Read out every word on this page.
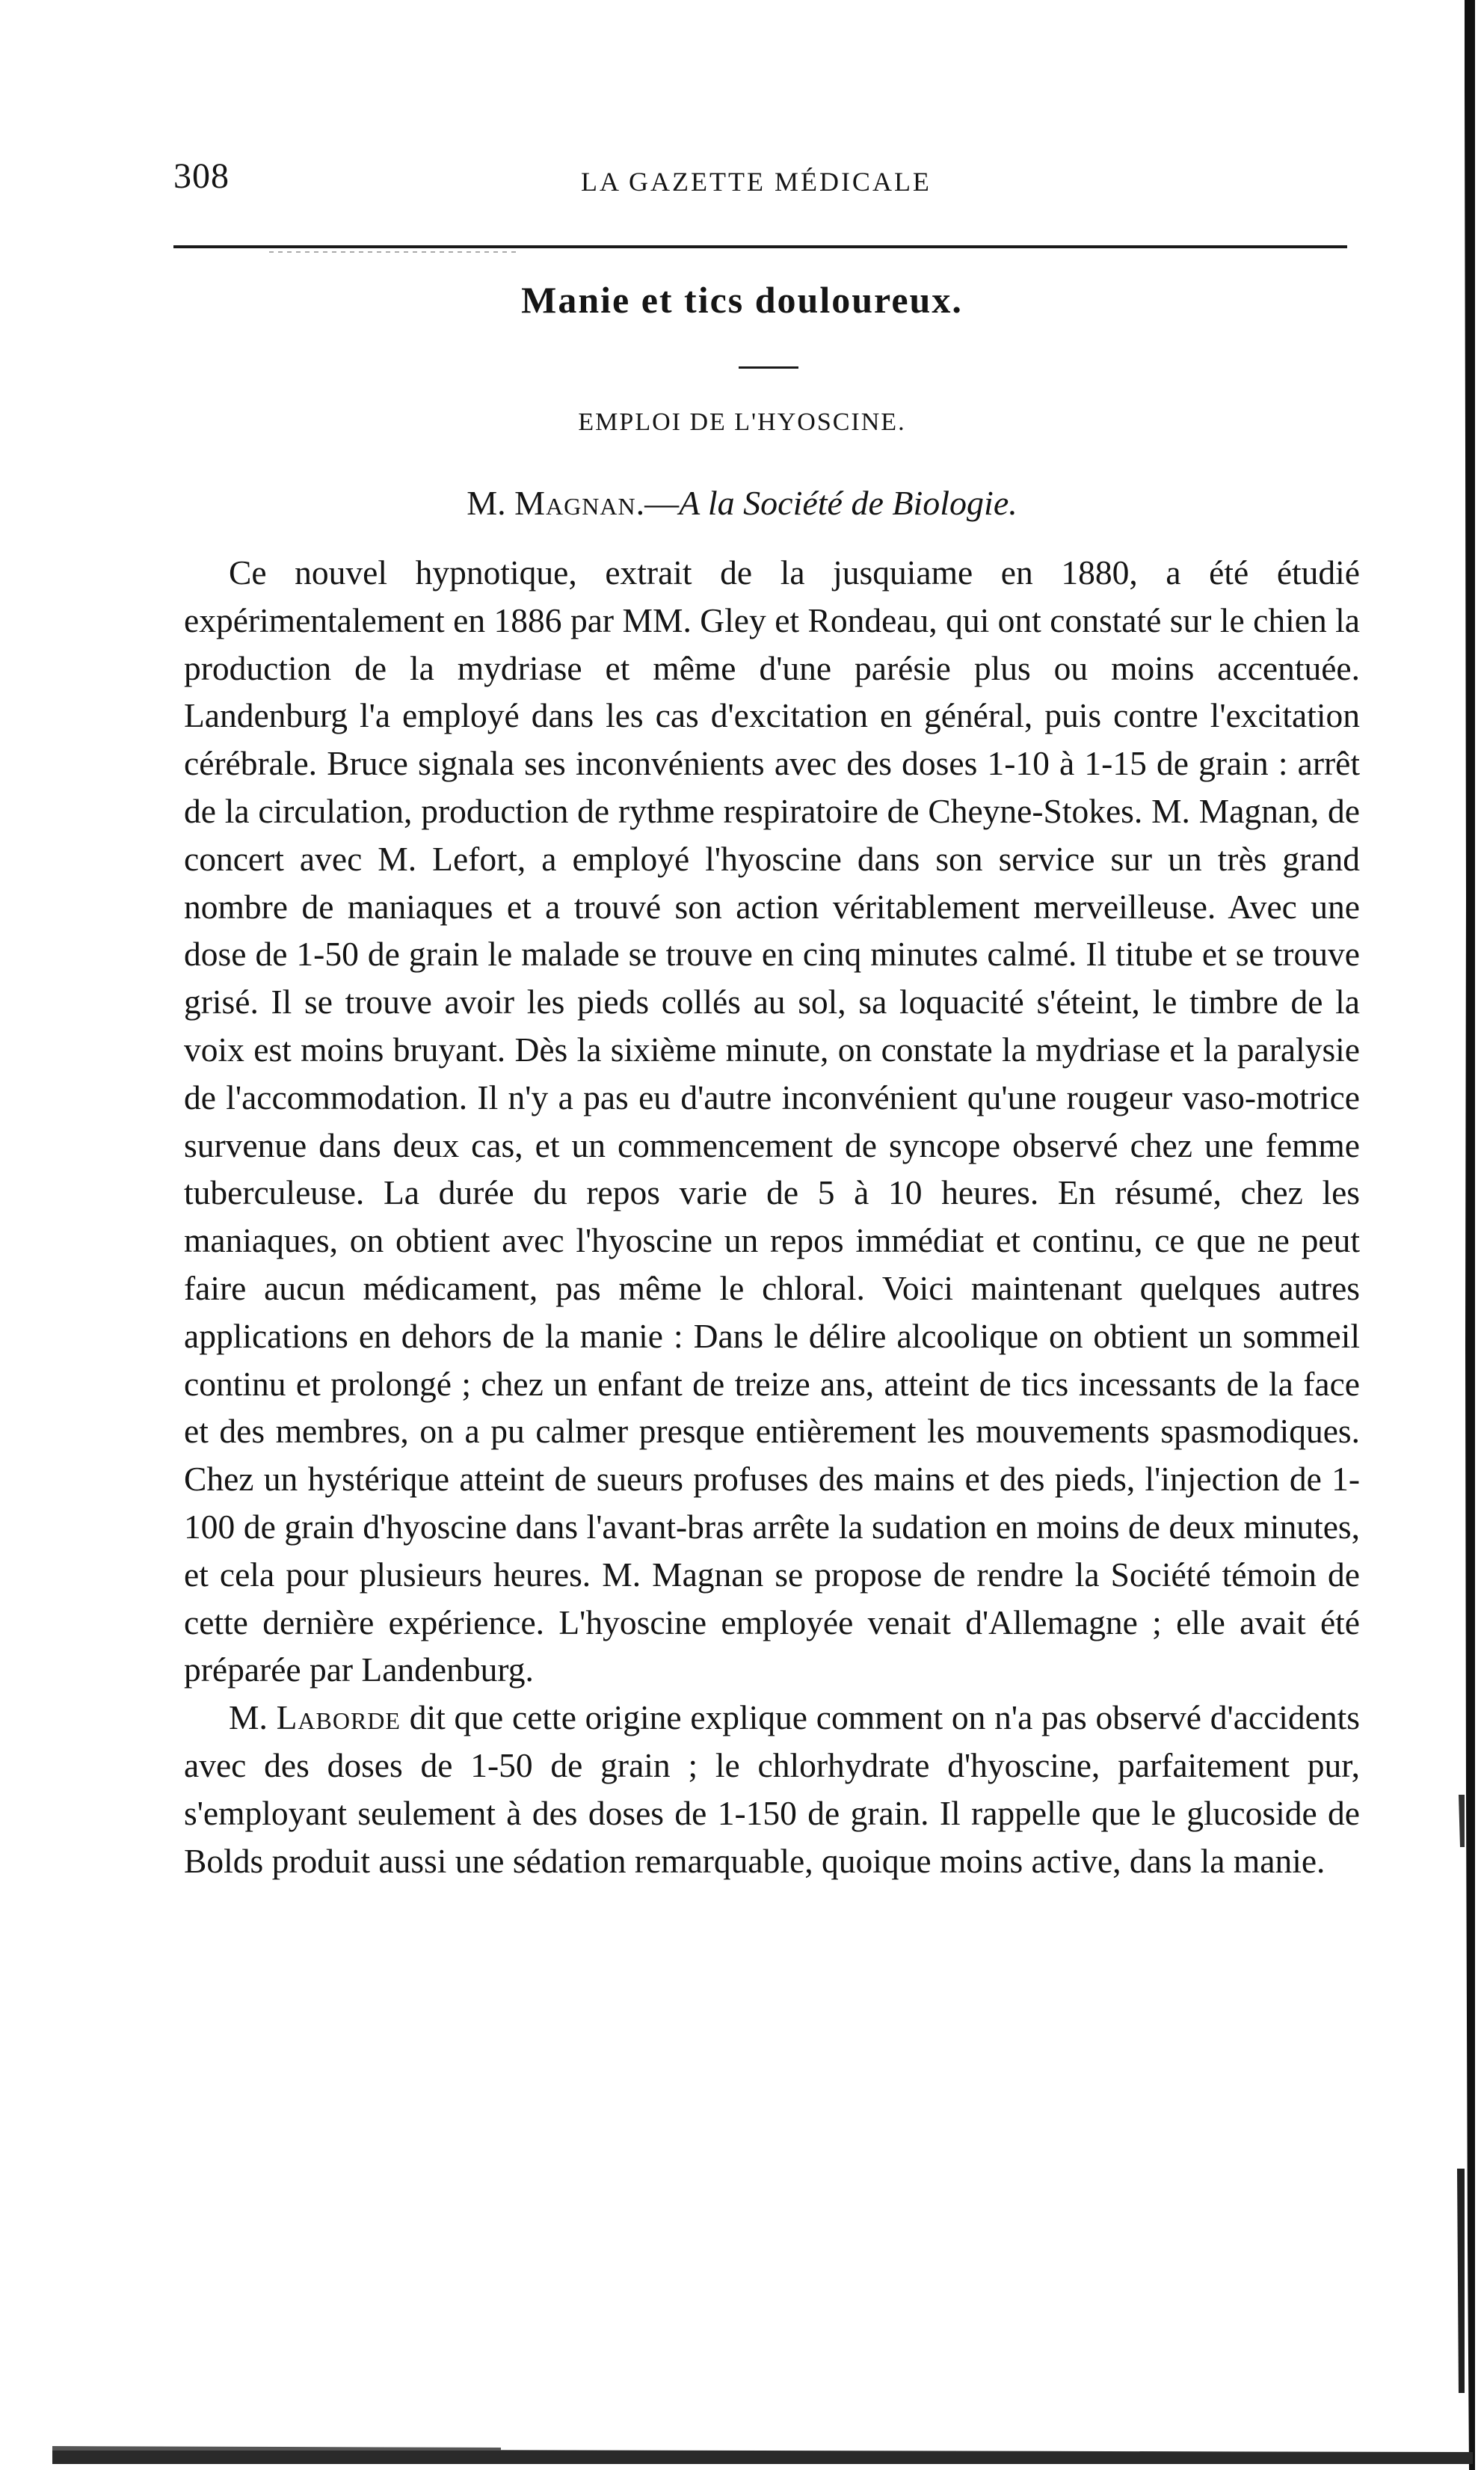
308	LA GAZETTE MÉDICALE
Manie et tics douloureux.
EMPLOI DE L'HYOSCINE.
M. Magnan.—A la Société de Biologie.

Ce nouvel hypnotique, extrait de la jusquiame en 1880, a été étudié expérimentalement en 1886 par MM. Gley et Rondeau, qui ont constaté sur le chien la production de la mydriase et même d'une parésie plus ou moins accentuée. Landenburg l'a employé dans les cas d'excitation en général, puis contre l'excitation cérébrale. Bruce signala ses inconvénients avec des doses 1-10 à 1-15 de grain : arrêt de la circulation, production de rythme respiratoire de Cheyne-Stokes. M. Magnan, de concert avec M. Lefort, a employé l'hyoscine dans son service sur un très grand nombre de maniaques et a trouvé son action véritablement merveilleuse. Avec une dose de 1-50 de grain le malade se trouve en cinq minutes calmé. Il titube et se trouve grisé. Il se trouve avoir les pieds collés au sol, sa loquacité s'éteint, le timbre de la voix est moins bruyant. Dès la sixième minute, on constate la mydriase et la paralysie de l'accommodation. Il n'y a pas eu d'autre inconvénient qu'une rougeur vaso-motrice survenue dans deux cas, et un commencement de syncope observé chez une femme tuberculeuse. La durée du repos varie de 5 à 10 heures. En résumé, chez les maniaques, on obtient avec l'hyoscine un repos immédiat et continu, ce que ne peut faire aucun médicament, pas même le chloral. Voici maintenant quelques autres applications en dehors de la manie : Dans le délire alcoolique on obtient un sommeil continu et prolongé ; chez un enfant de treize ans, atteint de tics incessants de la face et des membres, on a pu calmer presque entièrement les mouvements spasmodiques. Chez un hystérique atteint de sueurs profuses des mains et des pieds, l'injection de 1-100 de grain d'hyoscine dans l'avant-bras arrête la sudation en moins de deux minutes, et cela pour plusieurs heures. M. Magnan se propose de rendre la Société témoin de cette dernière expérience. L'hyoscine employée venait d'Allemagne ; elle avait été préparée par Landenburg.

M. Laborde dit que cette origine explique comment on n'a pas observé d'accidents avec des doses de 1-50 de grain ; le chlorhydrate d'hyoscine, parfaitement pur, s'employant seulement à des doses de 1-150 de grain. Il rappelle que le glucoside de Bolds produit aussi une sédation remarquable, quoique moins active, dans la manie.
